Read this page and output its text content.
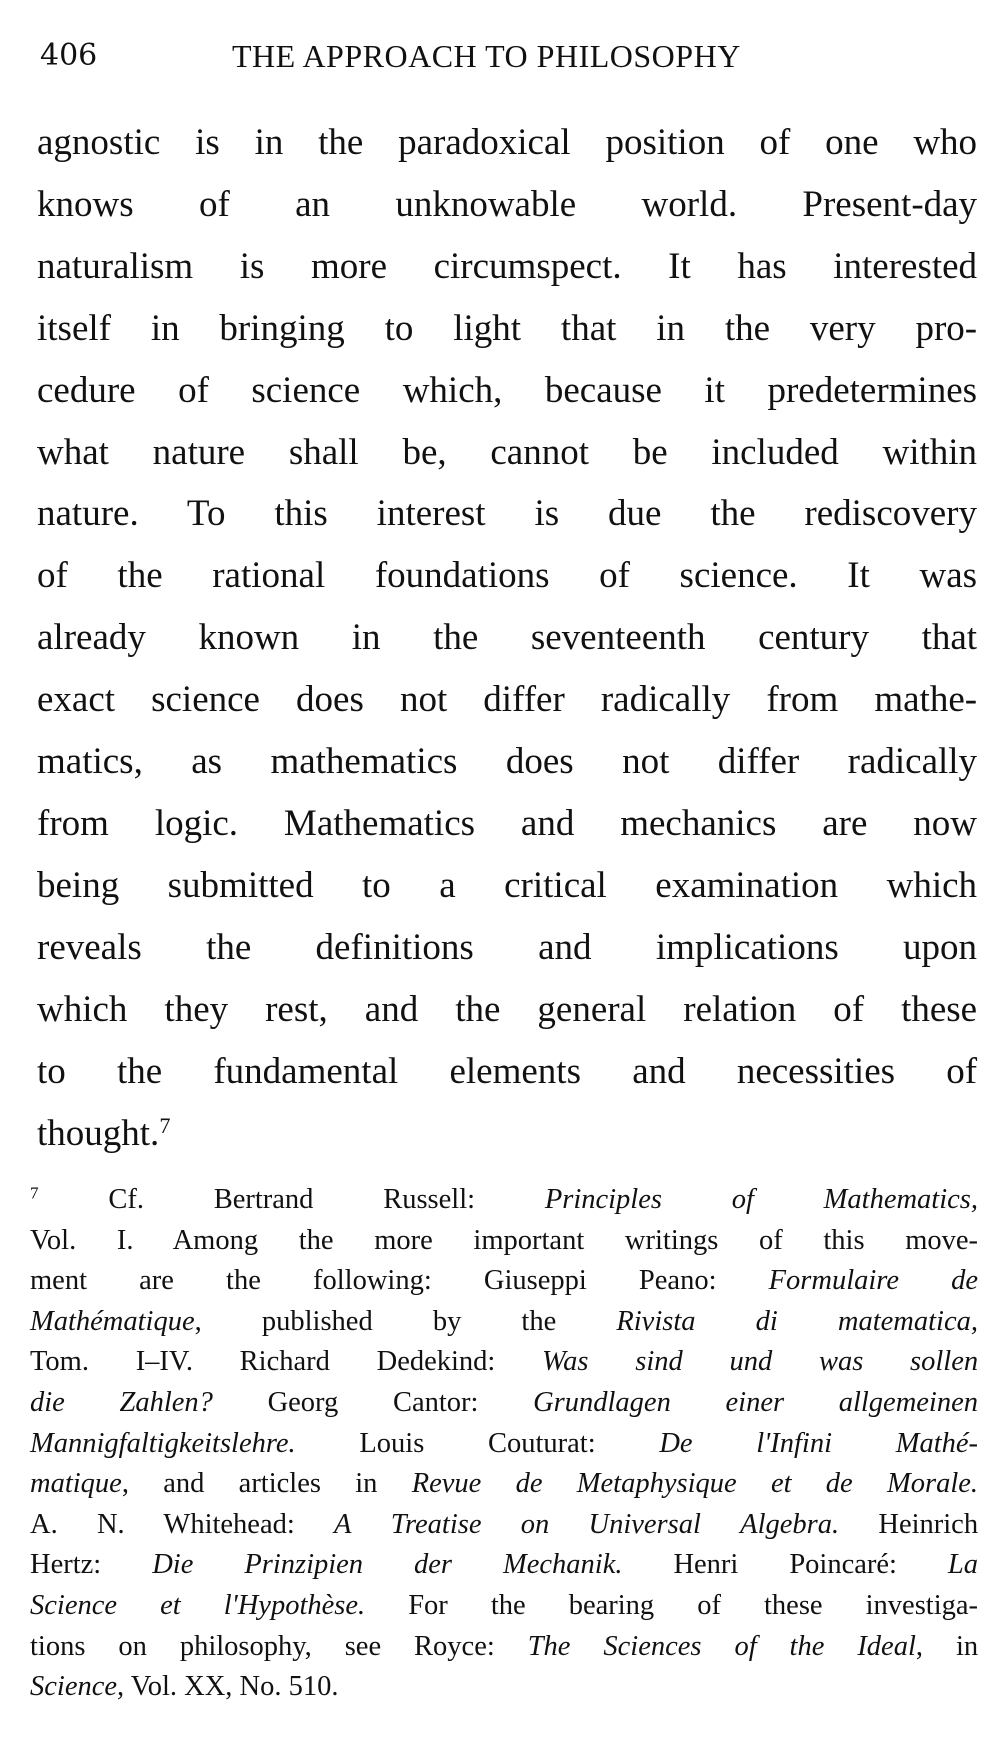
406	THE APPROACH TO PHILOSOPHY
agnostic is in the paradoxical position of one who
knows of an unknowable world. Present-day
naturalism is more circumspect. It has interested
itself in bringing to light that in the very pro-
cedure of science which, because it predetermines
what nature shall be, cannot be included within
nature. To this interest is due the rediscovery
of the rational foundations of science. It was
already known in the seventeenth century that
exact science does not differ radically from mathe-
matics, as mathematics does not differ radically
from logic. Mathematics and mechanics are now
being submitted to a critical examination which
reveals the definitions and implications upon
which they rest, and the general relation of these
to the fundamental elements and necessities of
thought.$^7$
$^7$ Cf. Bertrand Russell: Principles of Mathematics,
Vol. I. Among the more important writings of this move-
ment are the following: Giuseppi Peano: Formulaire de
Mathématique, published by the Rivista di matematica,
Tom. I–IV. Richard Dedekind: Was sind und was sollen
die Zahlen? Georg Cantor: Grundlagen einer allgemeinen
Mannigfaltigkeitslehre. Louis Couturat: De l'Infini Mathé-
matique, and articles in Revue de Metaphysique et de Morale.
A. N. Whitehead: A Treatise on Universal Algebra. Heinrich
Hertz: Die Prinzipien der Mechanik. Henri Poincaré: La
Science et l'Hypothèse. For the bearing of these investiga-
tions on philosophy, see Royce: The Sciences of the Ideal, in
Science, Vol. XX, No. 510.
